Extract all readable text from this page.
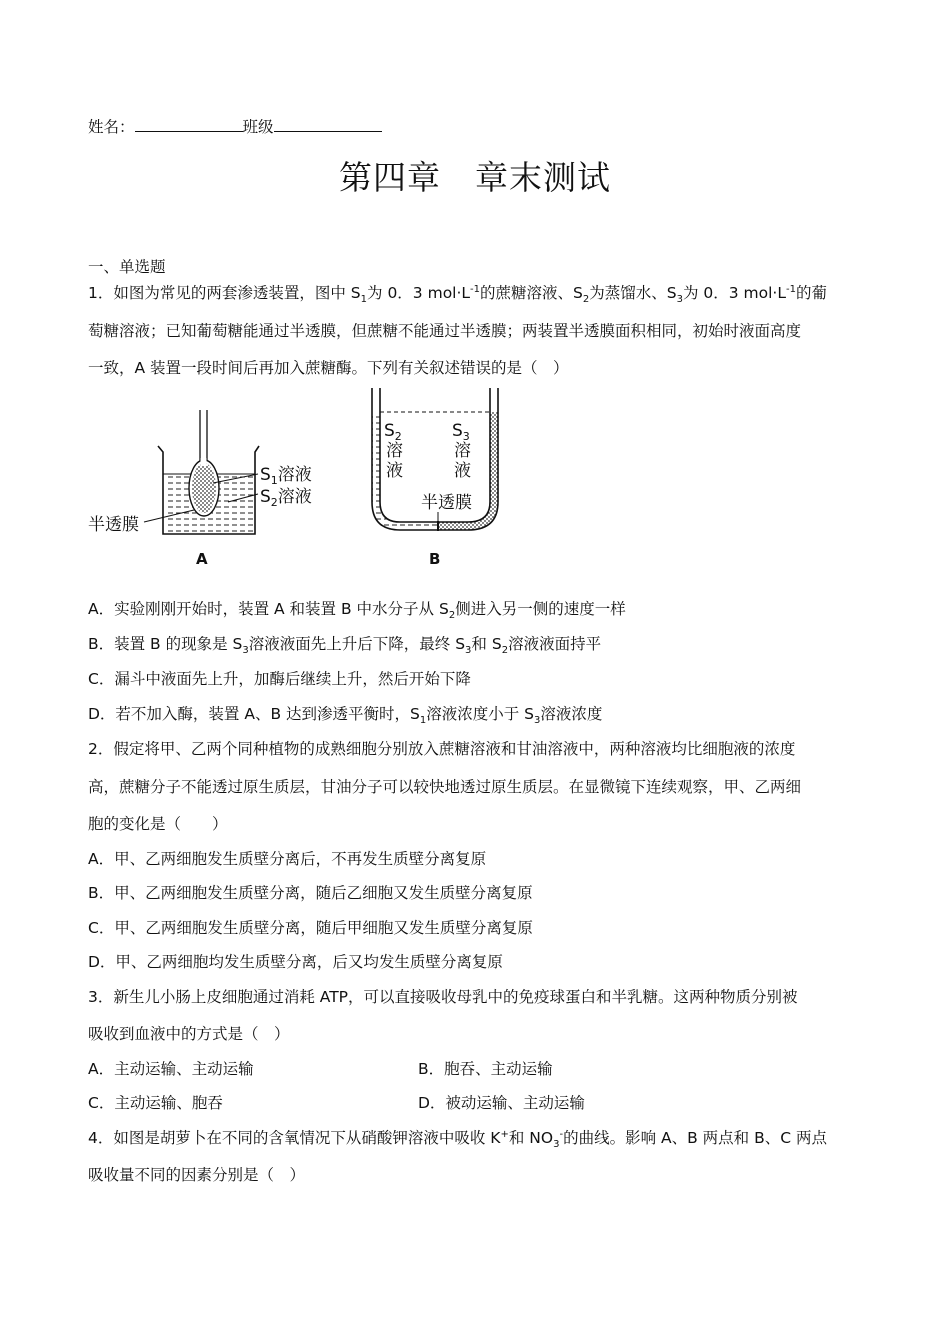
姓名：	班级
第四章 章末测试
一、单选题
1．如图为常见的两套渗透装置，图中 $S_1$为 0．3 $mol\cdot L^{-1}$的蔗糖溶液、$S_2$为蒸馏水、$S_3$为 0．3 $mol\cdot L^{-1}$的葡
萄糖溶液；已知葡萄糖能通过半透膜，但蔗糖不能通过半透膜；两装置半透膜面积相同，初始时液面高度
一致，A 装置一段时间后再加入蔗糖酶。下列有关叙述错误的是（　）
$S_1$溶液
$S_2$溶液
半透膜
A
$S_2$
溶
液
$S_3$
溶
液
半透膜
B
A．实验刚刚开始时，装置 A 和装置 B 中水分子从 $S_2$侧进入另一侧的速度一样
B．装置 B 的现象是 $S_3$溶液液面先上升后下降，最终 $S_3$和 $S_2$溶液液面持平
C．漏斗中液面先上升，加酶后继续上升，然后开始下降
D．若不加入酶，装置 A、B 达到渗透平衡时，$S_1$溶液浓度小于 $S_3$溶液浓度
2．假定将甲、乙两个同种植物的成熟细胞分别放入蔗糖溶液和甘油溶液中，两种溶液均比细胞液的浓度
高，蔗糖分子不能透过原生质层，甘油分子可以较快地透过原生质层。在显微镜下连续观察，甲、乙两细
胞的变化是（　　）
A．甲、乙两细胞发生质壁分离后，不再发生质壁分离复原
B．甲、乙两细胞发生质壁分离，随后乙细胞又发生质壁分离复原
C．甲、乙两细胞发生质壁分离，随后甲细胞又发生质壁分离复原
D．甲、乙两细胞均发生质壁分离，后又均发生质壁分离复原
3．新生儿小肠上皮细胞通过消耗 ATP，可以直接吸收母乳中的免疫球蛋白和半乳糖。这两种物质分别被
吸收到血液中的方式是（　）
A．主动运输、主动运输	B．胞吞、主动运输
C．主动运输、胞吞	D．被动运输、主动运输
4．如图是胡萝卜在不同的含氧情况下从硝酸钾溶液中吸收 K+和 $NO_3^-$的曲线。影响 A、B 两点和 B、C 两点
吸收量不同的因素分别是（　）
